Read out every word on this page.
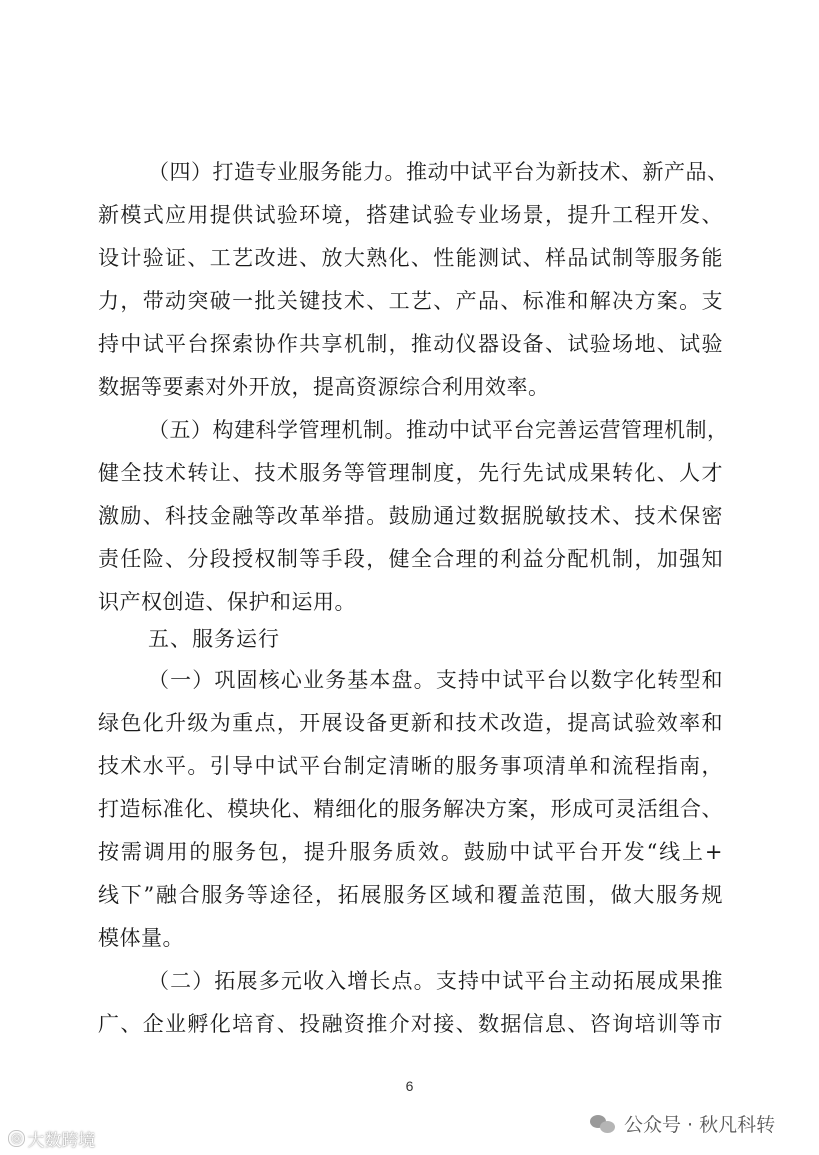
（四）打造专业服务能力。推动中试平台为新技术、新产品、
新模式应用提供试验环境，搭建试验专业场景，提升工程开发、
设计验证、工艺改进、放大熟化、性能测试、样品试制等服务能
力，带动突破一批关键技术、工艺、产品、标准和解决方案。支
持中试平台探索协作共享机制，推动仪器设备、试验场地、试验
数据等要素对外开放，提高资源综合利用效率。
（五）构建科学管理机制。推动中试平台完善运营管理机制，
健全技术转让、技术服务等管理制度，先行先试成果转化、人才
激励、科技金融等改革举措。鼓励通过数据脱敏技术、技术保密
责任险、分段授权制等手段，健全合理的利益分配机制，加强知
识产权创造、保护和运用。
五、服务运行
（一）巩固核心业务基本盘。支持中试平台以数字化转型和
绿色化升级为重点，开展设备更新和技术改造，提高试验效率和
技术水平。引导中试平台制定清晰的服务事项清单和流程指南，
打造标准化、模块化、精细化的服务解决方案，形成可灵活组合、
按需调用的服务包，提升服务质效。鼓励中试平台开发“线上+
线下”融合服务等途径，拓展服务区域和覆盖范围，做大服务规
模体量。
（二）拓展多元收入增长点。支持中试平台主动拓展成果推
广、企业孵化培育、投融资推介对接、数据信息、咨询培训等市
6
◎ 大数跨境
公众号 · 秋凡科转
